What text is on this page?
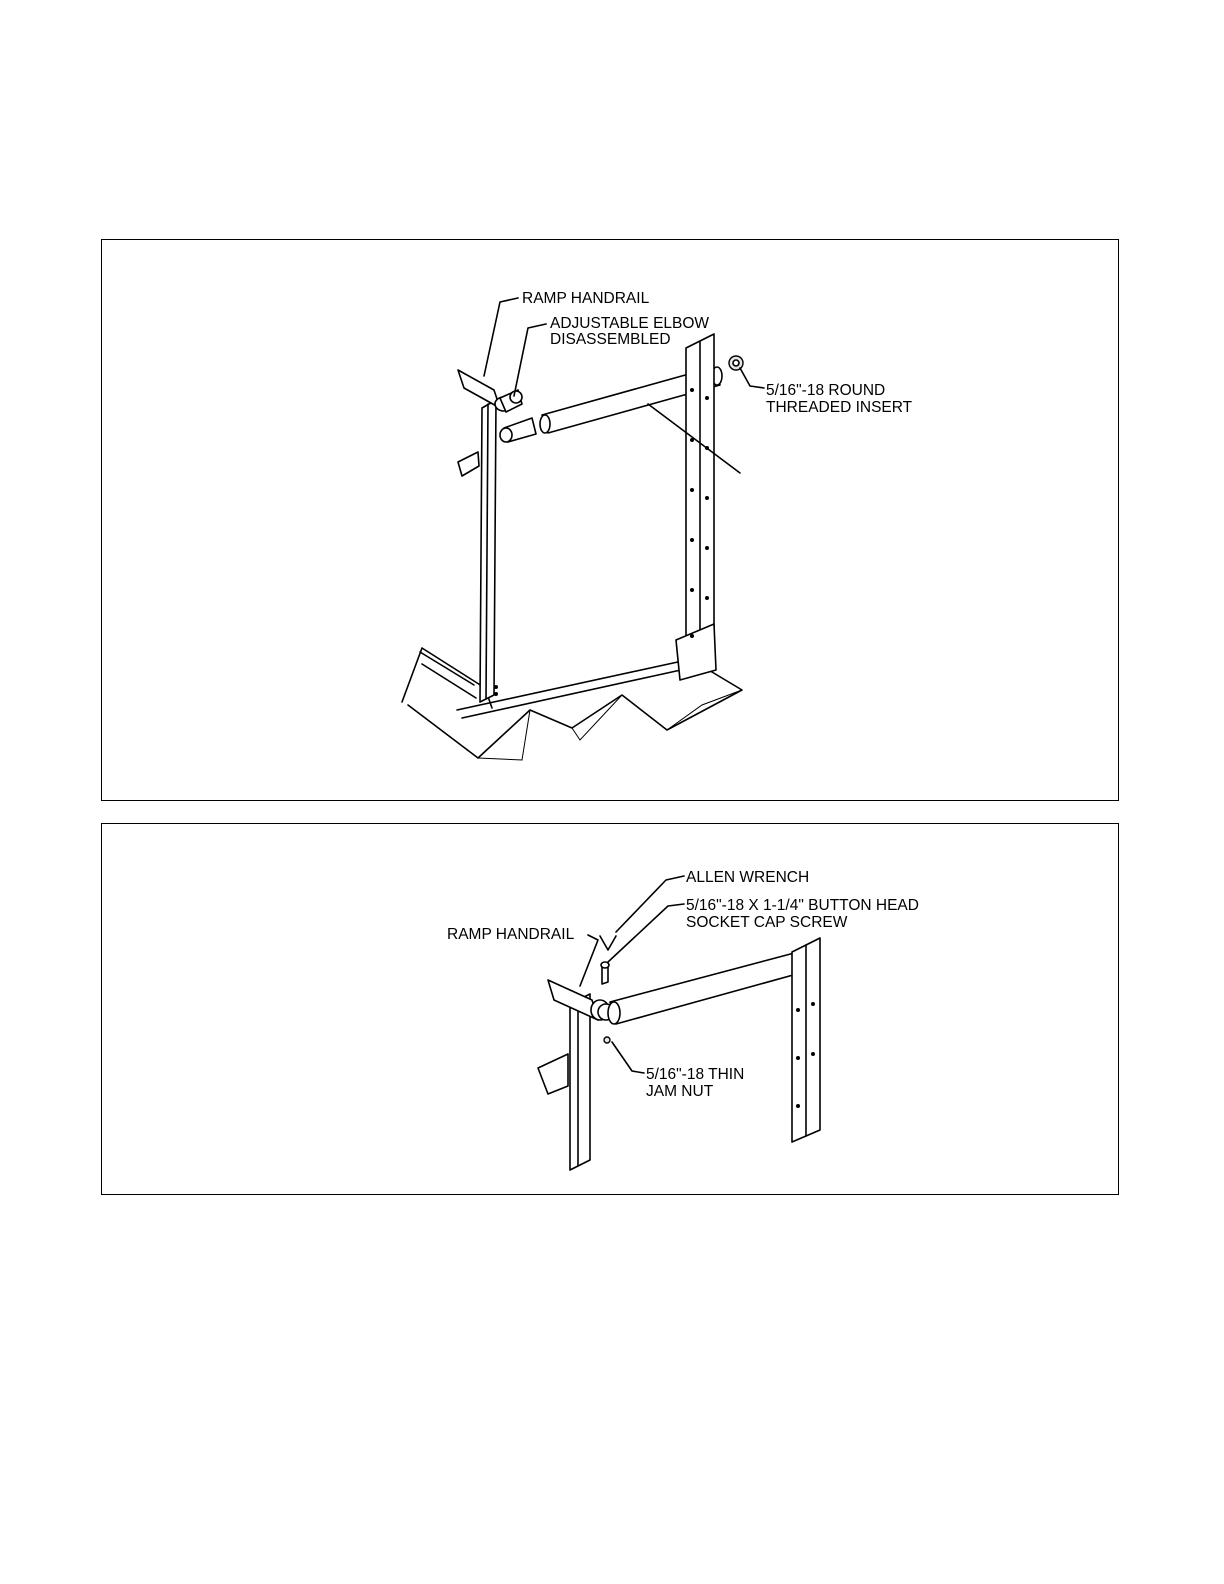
RAMP HANDRAIL
ADJUSTABLE ELBOW
DISASSEMBLED
5/16"-18 ROUND
THREADED INSERT
ALLEN WRENCH
5/16"-18 X 1-1/4" BUTTON HEAD
SOCKET CAP SCREW
RAMP HANDRAIL
5/16"-18 THIN
JAM NUT
